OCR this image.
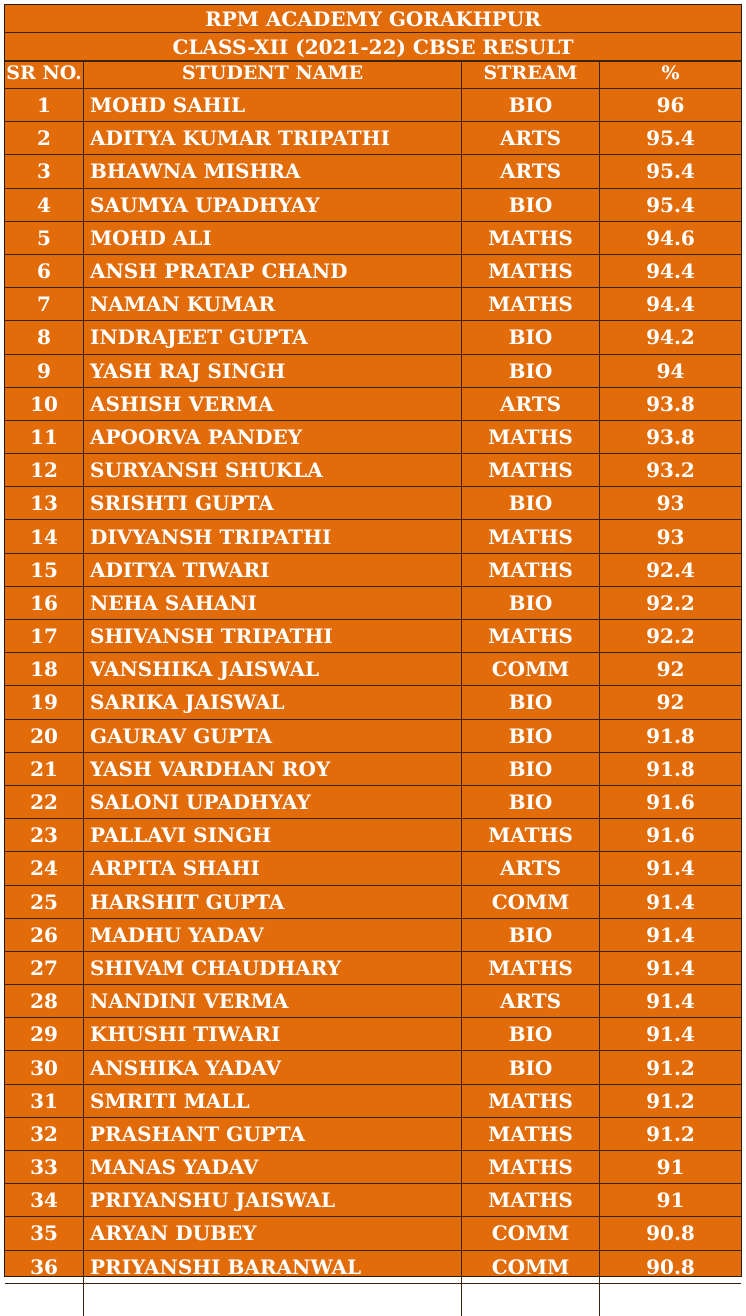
RPM ACADEMY GORAKHPUR
CLASS-XII (2021-22) CBSE RESULT
SR NO.	STUDENT NAME	STREAM	%
1	MOHD SAHIL	BIO	96
2	ADITYA KUMAR TRIPATHI	ARTS	95.4
3	BHAWNA MISHRA	ARTS	95.4
4	SAUMYA UPADHYAY	BIO	95.4
5	MOHD ALI	MATHS	94.6
6	ANSH PRATAP CHAND	MATHS	94.4
7	NAMAN KUMAR	MATHS	94.4
8	INDRAJEET GUPTA	BIO	94.2
9	YASH RAJ SINGH	BIO	94
10	ASHISH VERMA	ARTS	93.8
11	APOORVA PANDEY	MATHS	93.8
12	SURYANSH SHUKLA	MATHS	93.2
13	SRISHTI GUPTA	BIO	93
14	DIVYANSH TRIPATHI	MATHS	93
15	ADITYA TIWARI	MATHS	92.4
16	NEHA SAHANI	BIO	92.2
17	SHIVANSH TRIPATHI	MATHS	92.2
18	VANSHIKA JAISWAL	COMM	92
19	SARIKA JAISWAL	BIO	92
20	GAURAV GUPTA	BIO	91.8
21	YASH VARDHAN ROY	BIO	91.8
22	SALONI UPADHYAY	BIO	91.6
23	PALLAVI SINGH	MATHS	91.6
24	ARPITA SHAHI	ARTS	91.4
25	HARSHIT GUPTA	COMM	91.4
26	MADHU YADAV	BIO	91.4
27	SHIVAM CHAUDHARY	MATHS	91.4
28	NANDINI VERMA	ARTS	91.4
29	KHUSHI TIWARI	BIO	91.4
30	ANSHIKA YADAV	BIO	91.2
31	SMRITI MALL	MATHS	91.2
32	PRASHANT GUPTA	MATHS	91.2
33	MANAS YADAV	MATHS	91
34	PRIYANSHU JAISWAL	MATHS	91
35	ARYAN DUBEY	COMM	90.8
36	PRIYANSHI BARANWAL	COMM	90.8
37	ARCHANA SINGH	BIO	90.8
